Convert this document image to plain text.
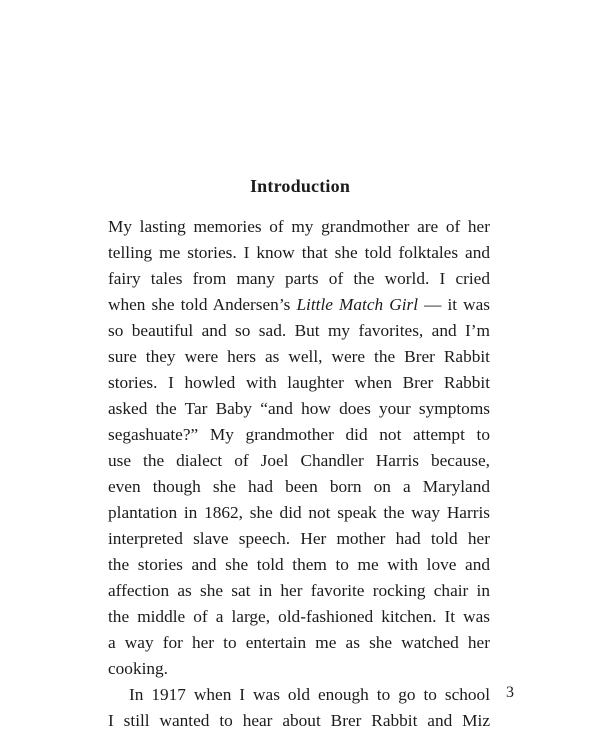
Introduction

My lasting memories of my grandmother are of her

telling me stories. I know that she told folktales and

fairy tales from many parts of the world. I cried

when she told Andersen’s Little Match Girl — it was

so beautiful and so sad. But my favorites, and I’m

sure they were hers as well, were the Brer Rabbit

stories. I howled with laughter when Brer Rabbit

asked the Tar Baby “and how does your symptoms

segashuate?” My grandmother did not attempt to

use the dialect of Joel Chandler Harris because,

even though she had been born on a Maryland

plantation in 1862, she did not speak the way Harris

interpreted slave speech. Her mother had told her

the stories and she told them to me with love and

affection as she sat in her favorite rocking chair in

the middle of a large, old-fashioned kitchen. It was

a way for her to entertain me as she watched her

cooking.

In 1917 when I was old enough to go to school

I still wanted to hear about Brer Rabbit and Miz

3
